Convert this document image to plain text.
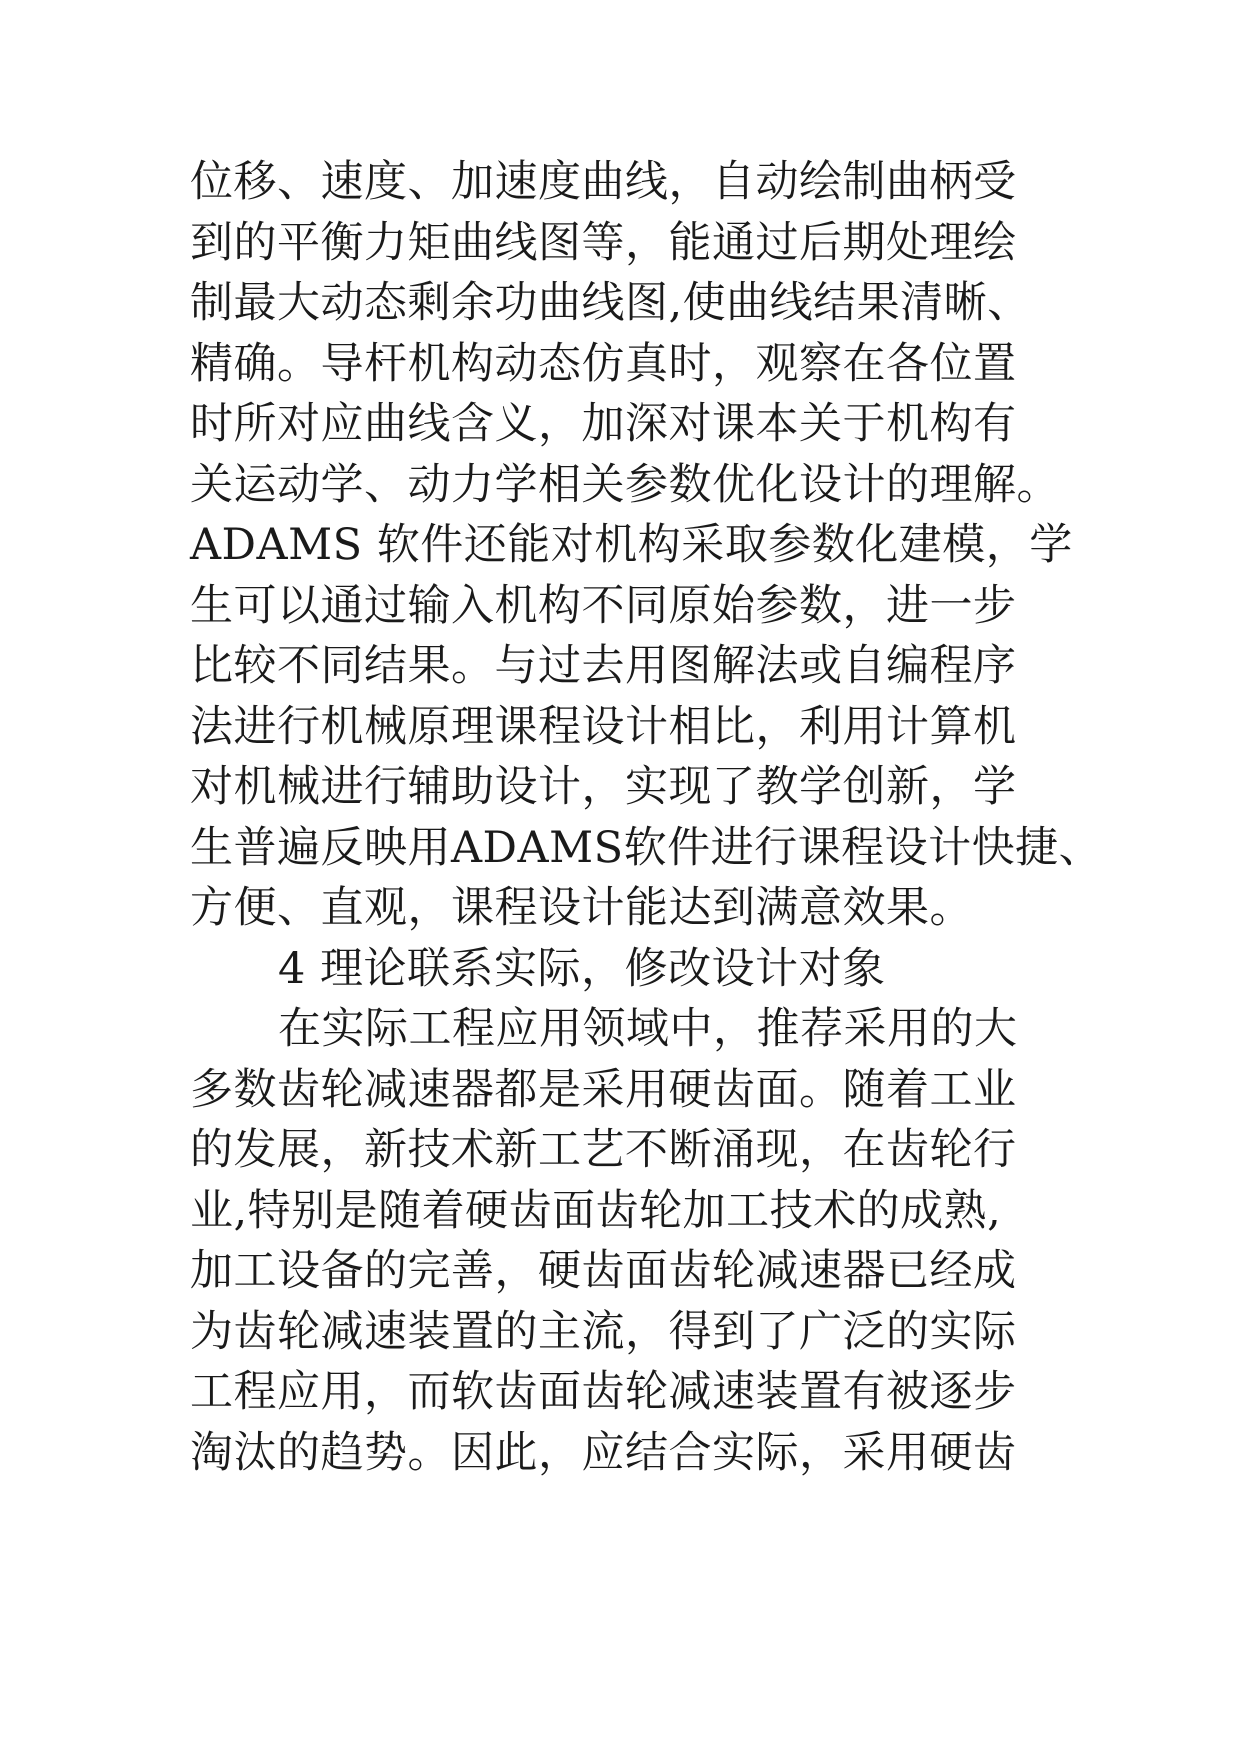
位移、速度、加速度曲线，自动绘制曲柄受
到的平衡力矩曲线图等，能通过后期处理绘
制最大动态剩余功曲线图,使曲线结果清晰、
精确。导杆机构动态仿真时，观察在各位置
时所对应曲线含义，加深对课本关于机构有
关运动学、动力学相关参数优化设计的理解。
ADAMS 软件还能对机构采取参数化建模，学
生可以通过输入机构不同原始参数，进一步
比较不同结果。与过去用图解法或自编程序
法进行机械原理课程设计相比，利用计算机
对机械进行辅助设计，实现了教学创新，学
生普遍反映用ADAMS软件进行课程设计快捷、
方便、直观，课程设计能达到满意效果。
4 理论联系实际，修改设计对象
在实际工程应用领域中，推荐采用的大
多数齿轮减速器都是采用硬齿面。随着工业
的发展，新技术新工艺不断涌现，在齿轮行
业,特别是随着硬齿面齿轮加工技术的成熟,
加工设备的完善，硬齿面齿轮减速器已经成
为齿轮减速装置的主流，得到了广泛的实际
工程应用，而软齿面齿轮减速装置有被逐步
淘汰的趋势。因此，应结合实际，采用硬齿
